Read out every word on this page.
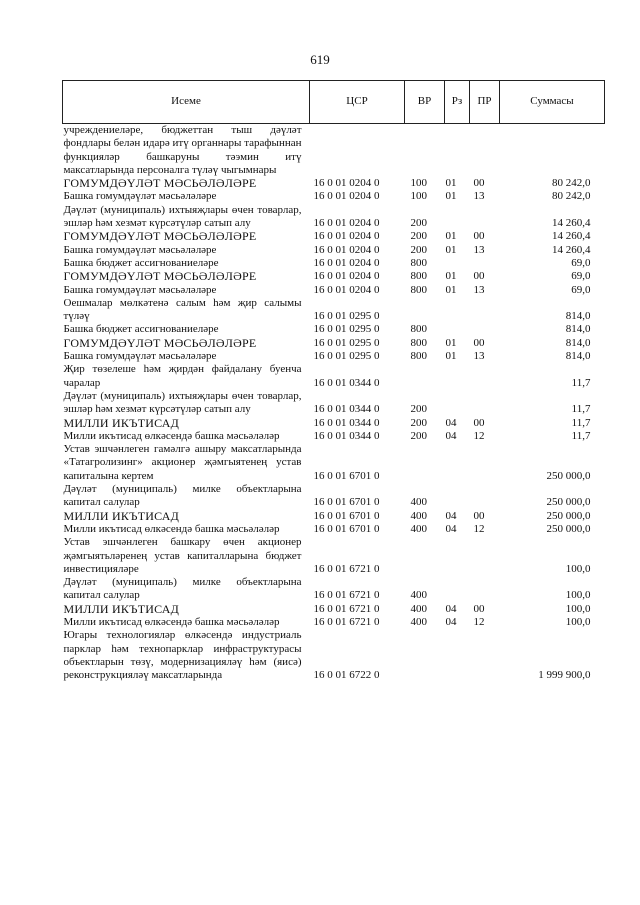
619
Исеме	ЦСР	ВР	Рз	ПР	Суммасы
учреждениеләре, бюджеттан тыш дәүләт фондлары белән идарә итү органнары тарафыннан функцияләр башкаруны тәэмин итү максатларында персоналга түләү чыгымнары					
ГОМУМДӘҮЛӘТ МӘСЬӘЛӘЛӘРЕ	16 0 01 0204 0	100	01	00	80 242,0
Башка гомумдәүләт мәсьәләләре	16 0 01 0204 0	100	01	13	80 242,0
Дәүләт (муниципаль) ихтыяҗлары өчен товарлар, эшләр һәм хезмәт күрсәтүләр сатып алу	16 0 01 0204 0	200			14 260,4
ГОМУМДӘҮЛӘТ МӘСЬӘЛӘЛӘРЕ	16 0 01 0204 0	200	01	00	14 260,4
Башка гомумдәүләт мәсьәләләре	16 0 01 0204 0	200	01	13	14 260,4
Башка бюджет ассигнованиеләре	16 0 01 0204 0	800			69,0
ГОМУМДӘҮЛӘТ МӘСЬӘЛӘЛӘРЕ	16 0 01 0204 0	800	01	00	69,0
Башка гомумдәүләт мәсьәләләре	16 0 01 0204 0	800	01	13	69,0
Оешмалар мөлкәтенә салым һәм җир салымы түләү	16 0 01 0295 0				814,0
Башка бюджет ассигнованиеләре	16 0 01 0295 0	800			814,0
ГОМУМДӘҮЛӘТ МӘСЬӘЛӘЛӘРЕ	16 0 01 0295 0	800	01	00	814,0
Башка гомумдәүләт мәсьәләләре	16 0 01 0295 0	800	01	13	814,0
Җир төзелеше һәм җирдән файдалану буенча чаралар	16 0 01 0344 0				11,7
Дәүләт (муниципаль) ихтыяҗлары өчен товарлар, эшләр һәм хезмәт күрсәтүләр сатып алу	16 0 01 0344 0	200			11,7
МИЛЛИ ИКЪТИСАД	16 0 01 0344 0	200	04	00	11,7
Милли икътисад өлкәсендә башка мәсьәләләр	16 0 01 0344 0	200	04	12	11,7
Устав эшчәнлеген гамәлгә ашыру максатларында «Татагролизинг» акционер җәмгыятенең устав капиталына кертем	16 0 01 6701 0				250 000,0
Дәүләт (муниципаль) милке объектларына капитал салулар	16 0 01 6701 0	400			250 000,0
МИЛЛИ ИКЪТИСАД	16 0 01 6701 0	400	04	00	250 000,0
Милли икътисад өлкәсендә башка мәсьәләләр	16 0 01 6701 0	400	04	12	250 000,0
Устав эшчәнлеген башкару өчен акционер җәмгыятьләренең устав капиталларына бюджет инвестицияләре	16 0 01 6721 0				100,0
Дәүләт (муниципаль) милке объектларына капитал салулар	16 0 01 6721 0	400			100,0
МИЛЛИ ИКЪТИСАД	16 0 01 6721 0	400	04	00	100,0
Милли икътисад өлкәсендә башка мәсьәләләр	16 0 01 6721 0	400	04	12	100,0
Югары технологияләр өлкәсендә индустриаль парклар һәм технопарклар инфраструктурасы объектларын төзү, модернизацияләү һәм (яисә) реконструкцияләү максатларында	16 0 01 6722 0				1 999 900,0
